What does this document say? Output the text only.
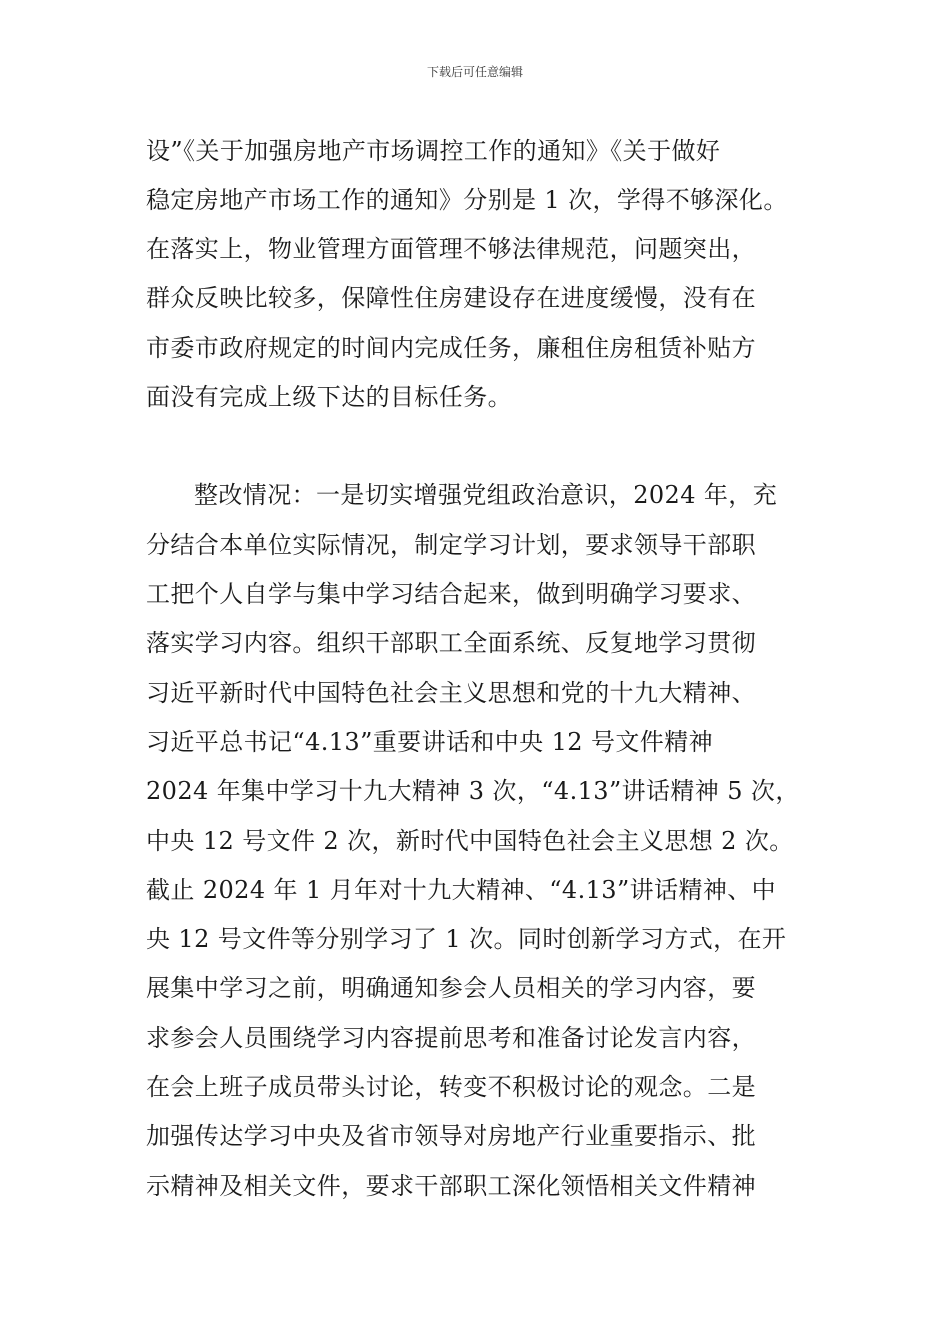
下载后可任意编辑
设”《关于加强房地产市场调控工作的通知》《关于做好
稳定房地产市场工作的通知》分别是 1 次，学得不够深化。
在落实上，物业管理方面管理不够法律规范，问题突出，
群众反映比较多，保障性住房建设存在进度缓慢，没有在
市委市政府规定的时间内完成任务，廉租住房租赁补贴方
面没有完成上级下达的目标任务。
整改情况：一是切实增强党组政治意识，2024 年，充
分结合本单位实际情况，制定学习计划，要求领导干部职
工把个人自学与集中学习结合起来，做到明确学习要求、
落实学习内容。组织干部职工全面系统、反复地学习贯彻
习近平新时代中国特色社会主义思想和党的十九大精神、
习近平总书记“4.13”重要讲话和中央 12 号文件精神
2024 年集中学习十九大精神 3 次，“4.13”讲话精神 5 次，
中央 12 号文件 2 次，新时代中国特色社会主义思想 2 次。
截止 2024 年 1 月年对十九大精神、“4.13”讲话精神、中
央 12 号文件等分别学习了 1 次。同时创新学习方式，在开
展集中学习之前，明确通知参会人员相关的学习内容，要
求参会人员围绕学习内容提前思考和准备讨论发言内容，
在会上班子成员带头讨论，转变不积极讨论的观念。二是
加强传达学习中央及省市领导对房地产行业重要指示、批
示精神及相关文件，要求干部职工深化领悟相关文件精神
